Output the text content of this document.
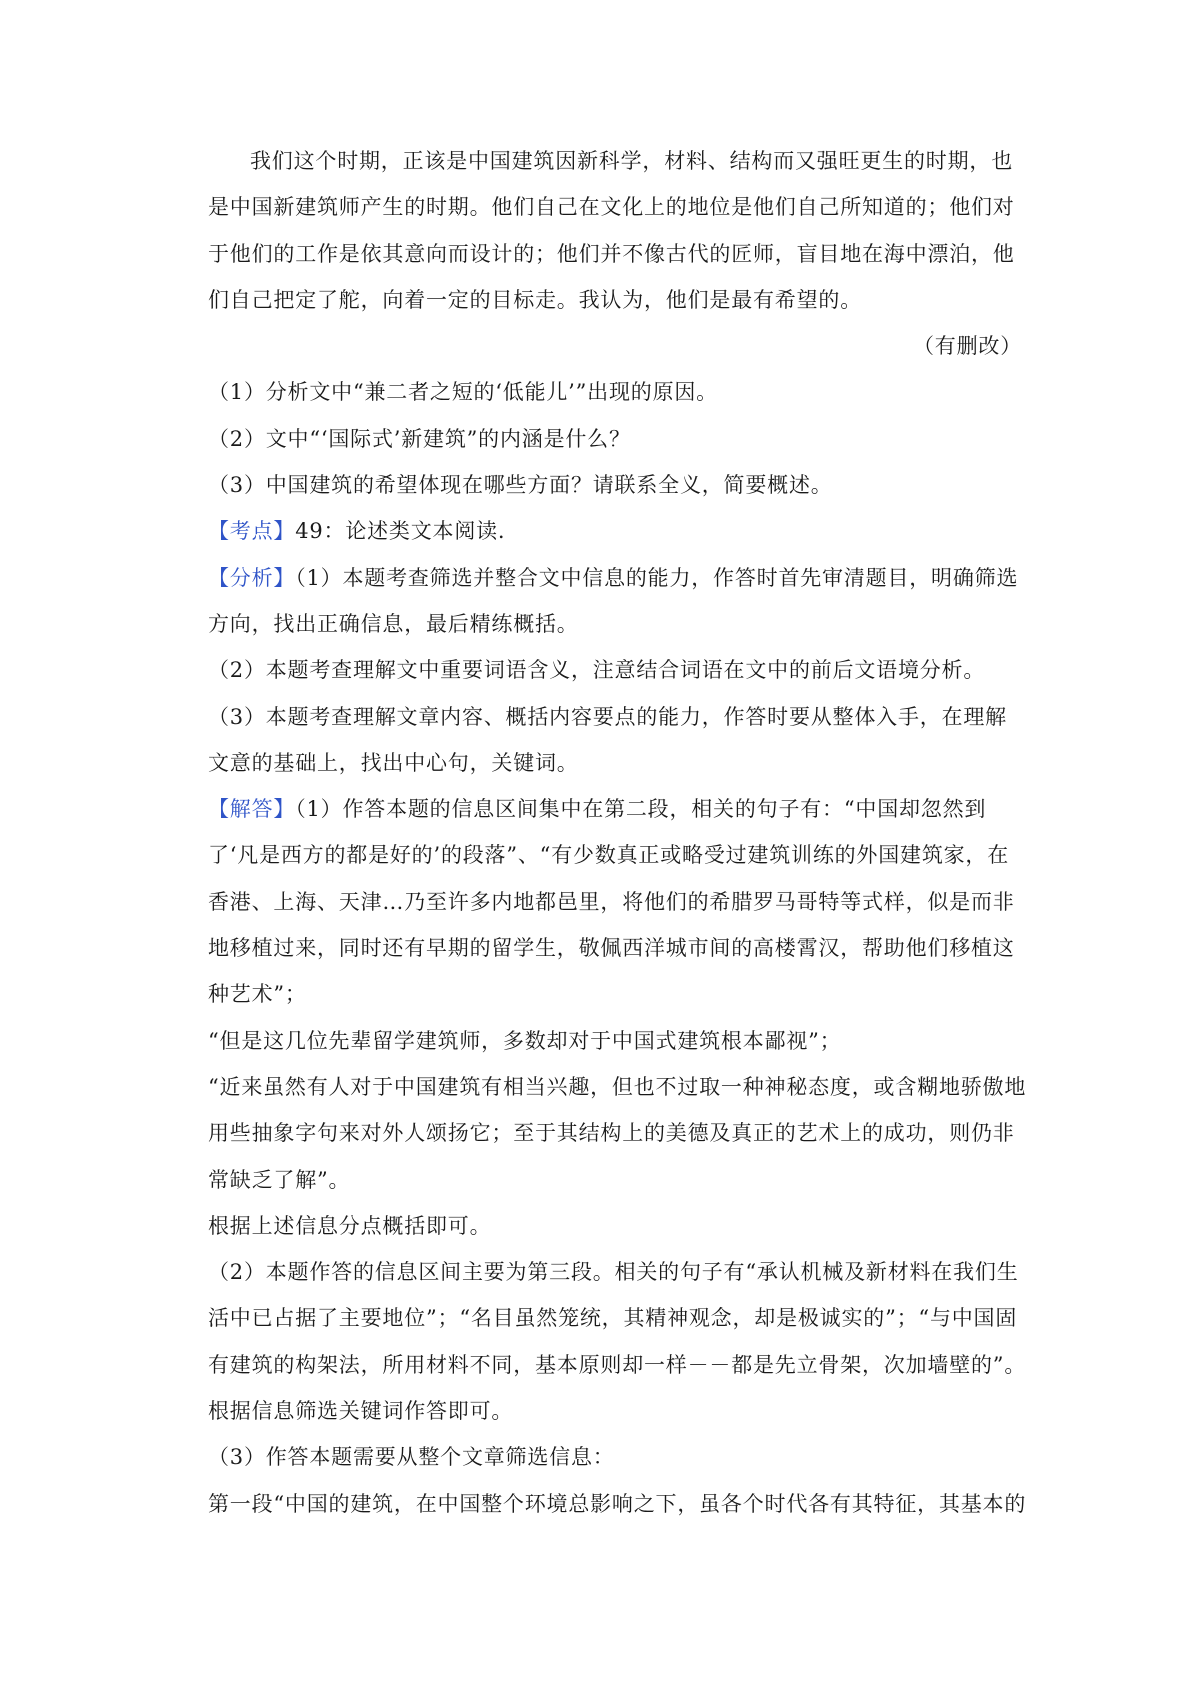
我们这个时期，正该是中国建筑因新科学，材料、结构而又强旺更生的时期，也是中国新建筑师产生的时期。他们自己在文化上的地位是他们自己所知道的；他们对于他们的工作是依其意向而设计的；他们并不像古代的匠师，盲目地在海中漂泊，他们自己把定了舵，向着一定的目标走。我认为，他们是最有希望的。

（有删改）

（1）分析文中“兼二者之短的‘低能儿’”出现的原因。

（2）文中“‘国际式’新建筑”的内涵是什么？

（3）中国建筑的希望体现在哪些方面？请联系全义，简要概述。

【考点】49：论述类文本阅读.

【分析】（1）本题考查筛选并整合文中信息的能力，作答时首先审清题目，明确筛选方向，找出正确信息，最后精练概括。

（2）本题考查理解文中重要词语含义，注意结合词语在文中的前后文语境分析。

（3）本题考查理解文章内容、概括内容要点的能力，作答时要从整体入手，在理解文意的基础上，找出中心句，关键词。

【解答】（1）作答本题的信息区间集中在第二段，相关的句子有：“中国却忽然到了‘凡是西方的都是好的’的段落”、“有少数真正或略受过建筑训练的外国建筑家，在香港、上海、天津…乃至许多内地都邑里，将他们的希腊罗马哥特等式样，似是而非地移植过来，同时还有早期的留学生，敬佩西洋城市间的高楼霄汉，帮助他们移植这种艺术”；

“但是这几位先辈留学建筑师，多数却对于中国式建筑根本鄙视”；

“近来虽然有人对于中国建筑有相当兴趣，但也不过取一种神秘态度，或含糊地骄傲地用些抽象字句来对外人颂扬它；至于其结构上的美德及真正的艺术上的成功，则仍非常缺乏了解”。

根据上述信息分点概括即可。

（2）本题作答的信息区间主要为第三段。相关的句子有“承认机械及新材料在我们生活中已占据了主要地位”；“名目虽然笼统，其精神观念，却是极诚实的”；“与中国固有建筑的构架法，所用材料不同，基本原则却一样－－都是先立骨架，次加墙壁的”。

根据信息筛选关键词作答即可。

（3）作答本题需要从整个文章筛选信息：

第一段“中国的建筑，在中国整个环境总影响之下，虽各个时代各有其特征，其基本的
